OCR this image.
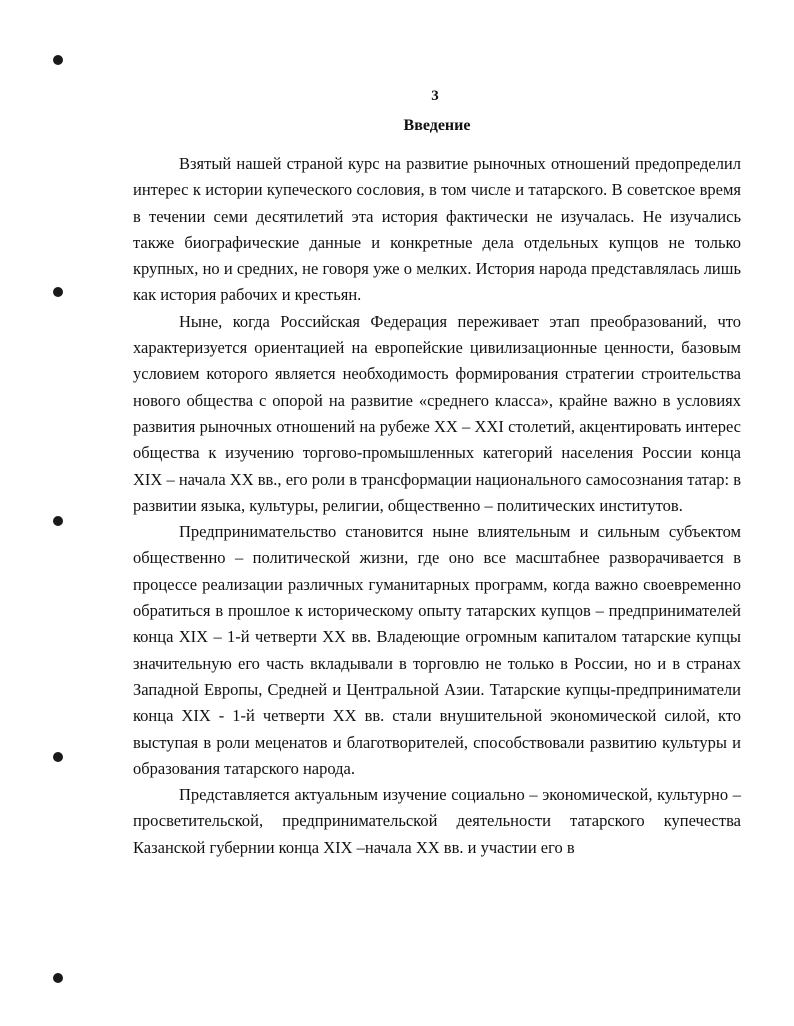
3
Введение

Взятый нашей страной курс на развитие рыночных отношений предопределил интерес к истории купеческого сословия, в том числе и татарского. В советское время в течении семи десятилетий эта история фактически не изучалась. Не изучались также биографические данные и конкретные дела отдельных купцов не только крупных, но и средних, не говоря уже о мелких. История народа представлялась лишь как история рабочих и крестьян.

Ныне, когда Российская Федерация переживает этап преобразований, что характеризуется ориентацией на европейские цивилизационные ценности, базовым условием которого является необходимость формирования стратегии строительства нового общества с опорой на развитие «среднего класса», крайне важно в условиях развития рыночных отношений на рубеже XX – XXI столетий, акцентировать интерес общества к изучению торгово-промышленных категорий населения России конца XIX – начала XX вв., его роли в трансформации национального самосознания татар: в развитии языка, культуры, религии, общественно – политических институтов.

Предпринимательство становится ныне влиятельным и сильным субъектом общественно – политической жизни, где оно все масштабнее разворачивается в процессе реализации различных гуманитарных программ, когда важно своевременно обратиться в прошлое к историческому опыту татарских купцов – предпринимателей конца XIX – 1-й четверти XX вв. Владеющие огромным капиталом татарские купцы значительную его часть вкладывали в торговлю не только в России, но и в странах Западной Европы, Средней и Центральной Азии. Татарские купцы-предприниматели конца XIX - 1-й четверти XX вв. стали внушительной экономической силой, кто выступая в роли меценатов и благотворителей, способствовали развитию культуры и образования татарского народа.

Представляется актуальным изучение социально – экономической, культурно – просветительской, предпринимательской деятельности татарского купечества Казанской губернии конца XIX –начала XX вв. и участии его в
